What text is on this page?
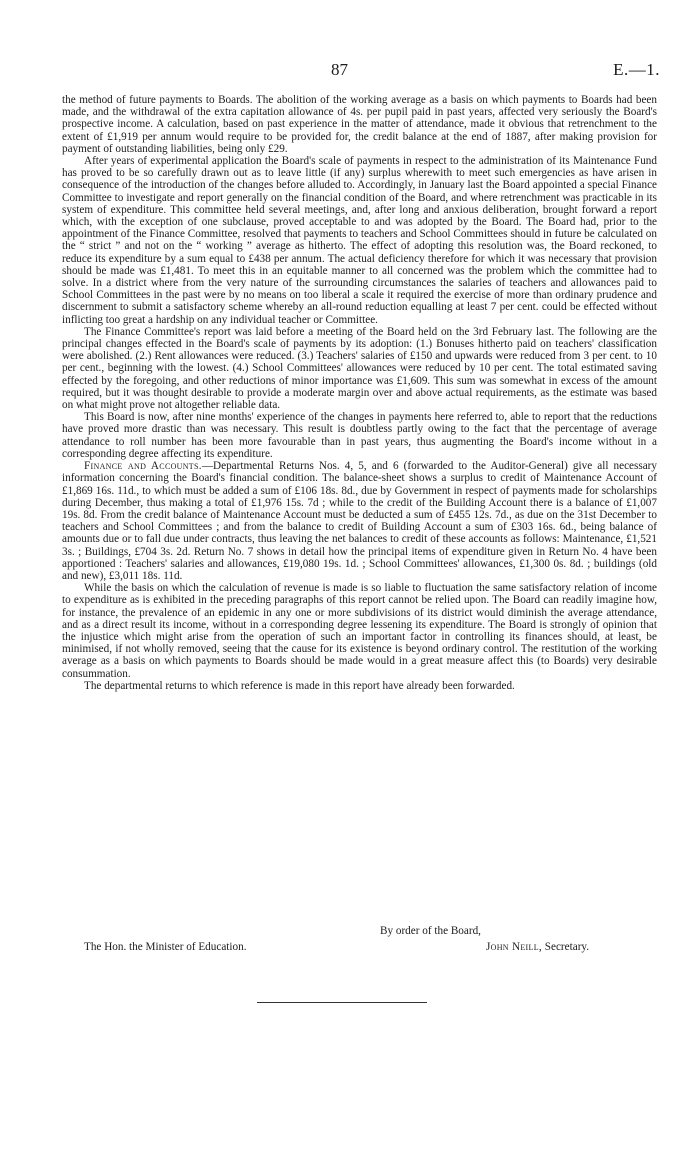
87	E.—1.

the method of future payments to Boards. The abolition of the working average as a basis on which payments to Boards had been made, and the withdrawal of the extra capitation allowance of 4s. per pupil paid in past years, affected very seriously the Board's prospective income. A calculation, based on past experience in the matter of attendance, made it obvious that retrenchment to the extent of £1,919 per annum would require to be provided for, the credit balance at the end of 1887, after making provision for payment of outstanding liabilities, being only £29.

After years of experimental application the Board's scale of payments in respect to the administration of its Maintenance Fund has proved to be so carefully drawn out as to leave little (if any) surplus wherewith to meet such emergencies as have arisen in consequence of the introduction of the changes before alluded to. Accordingly, in January last the Board appointed a special Finance Committee to investigate and report generally on the financial condition of the Board, and where retrenchment was practicable in its system of expenditure. This committee held several meetings, and, after long and anxious deliberation, brought forward a report which, with the exception of one subclause, proved acceptable to and was adopted by the Board. The Board had, prior to the appointment of the Finance Committee, resolved that payments to teachers and School Committees should in future be calculated on the “ strict ” and not on the “ working ” average as hitherto. The effect of adopting this resolution was, the Board reckoned, to reduce its expenditure by a sum equal to £438 per annum. The actual deficiency therefore for which it was necessary that provision should be made was £1,481. To meet this in an equitable manner to all concerned was the problem which the committee had to solve. In a district where from the very nature of the surrounding circumstances the salaries of teachers and allowances paid to School Committees in the past were by no means on too liberal a scale it required the exercise of more than ordinary prudence and discernment to submit a satisfactory scheme whereby an all-round reduction equalling at least 7 per cent. could be effected without inflicting too great a hardship on any individual teacher or Committee.

The Finance Committee's report was laid before a meeting of the Board held on the 3rd February last. The following are the principal changes effected in the Board's scale of payments by its adoption: (1.) Bonuses hitherto paid on teachers' classification were abolished. (2.) Rent allowances were reduced. (3.) Teachers' salaries of £150 and upwards were reduced from 3 per cent. to 10 per cent., beginning with the lowest. (4.) School Committees' allowances were reduced by 10 per cent. The total estimated saving effected by the foregoing, and other reductions of minor importance was £1,609. This sum was somewhat in excess of the amount required, but it was thought desirable to provide a moderate margin over and above actual requirements, as the estimate was based on what might prove not altogether reliable data.

This Board is now, after nine months' experience of the changes in payments here referred to, able to report that the reductions have proved more drastic than was necessary. This result is doubtless partly owing to the fact that the percentage of average attendance to roll number has been more favourable than in past years, thus augmenting the Board's income without in a corresponding degree affecting its expenditure.

Finance and Accounts.—Departmental Returns Nos. 4, 5, and 6 (forwarded to the Auditor-General) give all necessary information concerning the Board's financial condition. The balance-sheet shows a surplus to credit of Maintenance Account of £1,869 16s. 11d., to which must be added a sum of £106 18s. 8d., due by Government in respect of payments made for scholarships during December, thus making a total of £1,976 15s. 7d ; while to the credit of the Building Account there is a balance of £1,007 19s. 8d. From the credit balance of Maintenance Account must be deducted a sum of £455 12s. 7d., as due on the 31st December to teachers and School Committees ; and from the balance to credit of Building Account a sum of £303 16s. 6d., being balance of amounts due or to fall due under contracts, thus leaving the net balances to credit of these accounts as follows: Maintenance, £1,521 3s. ; Buildings, £704 3s. 2d. Return No. 7 shows in detail how the principal items of expenditure given in Return No. 4 have been apportioned : Teachers' salaries and allowances, £19,080 19s. 1d. ; School Committees' allowances, £1,300 0s. 8d. ; buildings (old and new), £3,011 18s. 11d.

While the basis on which the calculation of revenue is made is so liable to fluctuation the same satisfactory relation of income to expenditure as is exhibited in the preceding paragraphs of this report cannot be relied upon. The Board can readily imagine how, for instance, the prevalence of an epidemic in any one or more subdivisions of its district would diminish the average attendance, and as a direct result its income, without in a corresponding degree lessening its expenditure. The Board is strongly of opinion that the injustice which might arise from the operation of such an important factor in controlling its finances should, at least, be minimised, if not wholly removed, seeing that the cause for its existence is beyond ordinary control. The restitution of the working average as a basis on which payments to Boards should be made would in a great measure affect this (to Boards) very desirable consummation.

The departmental returns to which reference is made in this report have already been forwarded.

By order of the Board,
The Hon. the Minister of Education.	John Neill, Secretary.
